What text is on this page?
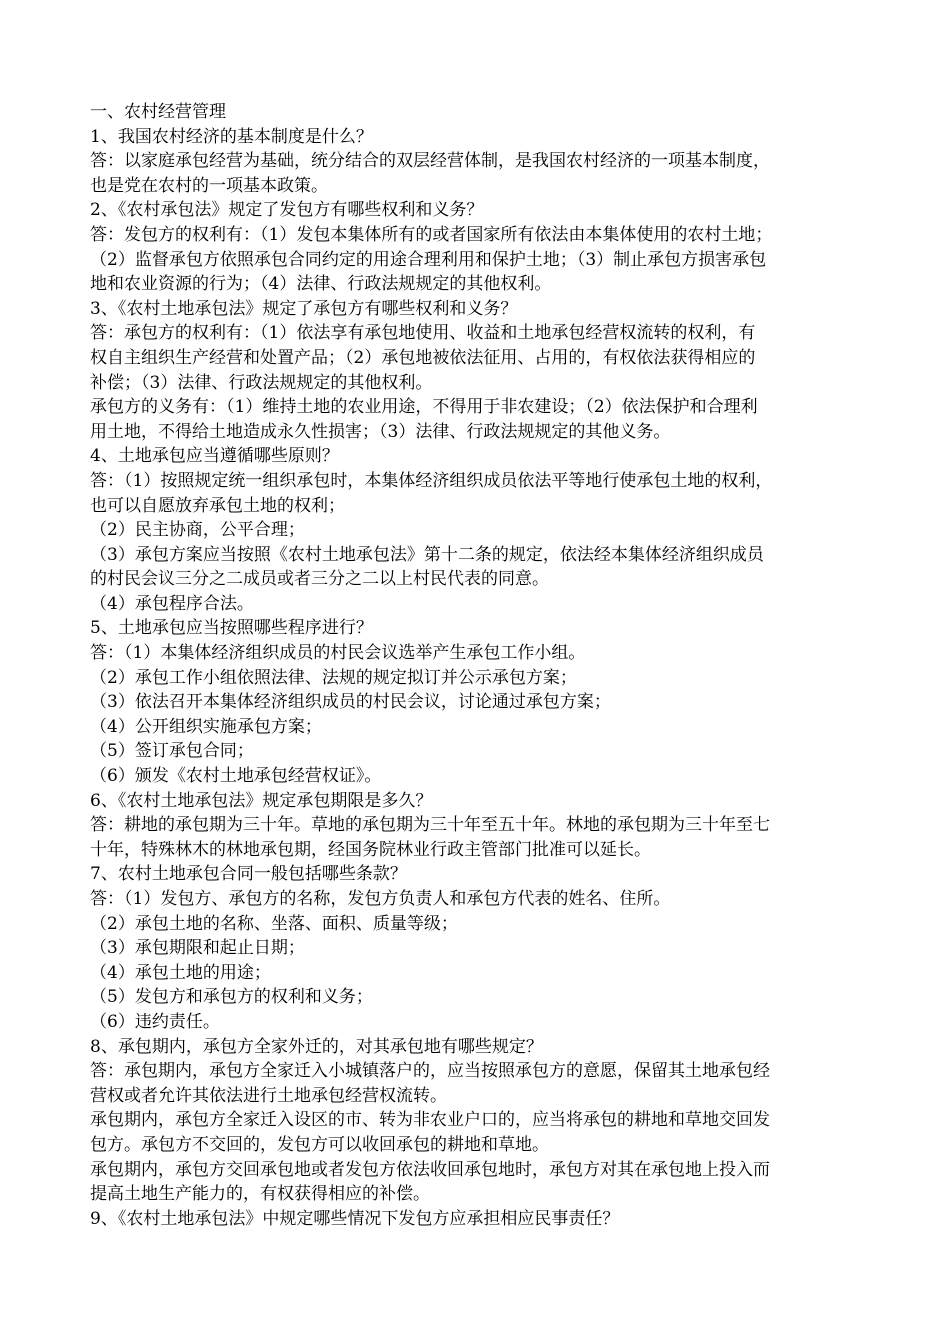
一、农村经营管理
1、我国农村经济的基本制度是什么？
答：以家庭承包经营为基础，统分结合的双层经营体制，是我国农村经济的一项基本制度，
也是党在农村的一项基本政策。
2、《农村承包法》规定了发包方有哪些权利和义务？
答：发包方的权利有：（1）发包本集体所有的或者国家所有依法由本集体使用的农村土地；
（2）监督承包方依照承包合同约定的用途合理利用和保护土地；（3）制止承包方损害承包
地和农业资源的行为；（4）法律、行政法规规定的其他权利。
3、《农村土地承包法》规定了承包方有哪些权利和义务？
答：承包方的权利有：（1）依法享有承包地使用、收益和土地承包经营权流转的权利，有
权自主组织生产经营和处置产品；（2）承包地被依法征用、占用的，有权依法获得相应的
补偿；（3）法律、行政法规规定的其他权利。
承包方的义务有：（1）维持土地的农业用途，不得用于非农建设；（2）依法保护和合理利
用土地，不得给土地造成永久性损害；（3）法律、行政法规规定的其他义务。
4、土地承包应当遵循哪些原则？
答：（1）按照规定统一组织承包时，本集体经济组织成员依法平等地行使承包土地的权利，
也可以自愿放弃承包土地的权利；
（2）民主协商，公平合理；
（3）承包方案应当按照《农村土地承包法》第十二条的规定，依法经本集体经济组织成员
的村民会议三分之二成员或者三分之二以上村民代表的同意。
（4）承包程序合法。
5、土地承包应当按照哪些程序进行？
答：（1）本集体经济组织成员的村民会议选举产生承包工作小组。
（2）承包工作小组依照法律、法规的规定拟订并公示承包方案；
（3）依法召开本集体经济组织成员的村民会议，讨论通过承包方案；
（4）公开组织实施承包方案；
（5）签订承包合同；
（6）颁发《农村土地承包经营权证》。
6、《农村土地承包法》规定承包期限是多久？
答：耕地的承包期为三十年。草地的承包期为三十年至五十年。林地的承包期为三十年至七
十年，特殊林木的林地承包期，经国务院林业行政主管部门批准可以延长。
7、农村土地承包合同一般包括哪些条款？
答：（1）发包方、承包方的名称，发包方负责人和承包方代表的姓名、住所。
（2）承包土地的名称、坐落、面积、质量等级；
（3）承包期限和起止日期；
（4）承包土地的用途；
（5）发包方和承包方的权利和义务；
（6）违约责任。
8、承包期内，承包方全家外迁的，对其承包地有哪些规定？
答：承包期内，承包方全家迁入小城镇落户的，应当按照承包方的意愿，保留其土地承包经
营权或者允许其依法进行土地承包经营权流转。
承包期内，承包方全家迁入设区的市、转为非农业户口的，应当将承包的耕地和草地交回发
包方。承包方不交回的，发包方可以收回承包的耕地和草地。
承包期内，承包方交回承包地或者发包方依法收回承包地时，承包方对其在承包地上投入而
提高土地生产能力的，有权获得相应的补偿。
9、《农村土地承包法》中规定哪些情况下发包方应承担相应民事责任？
